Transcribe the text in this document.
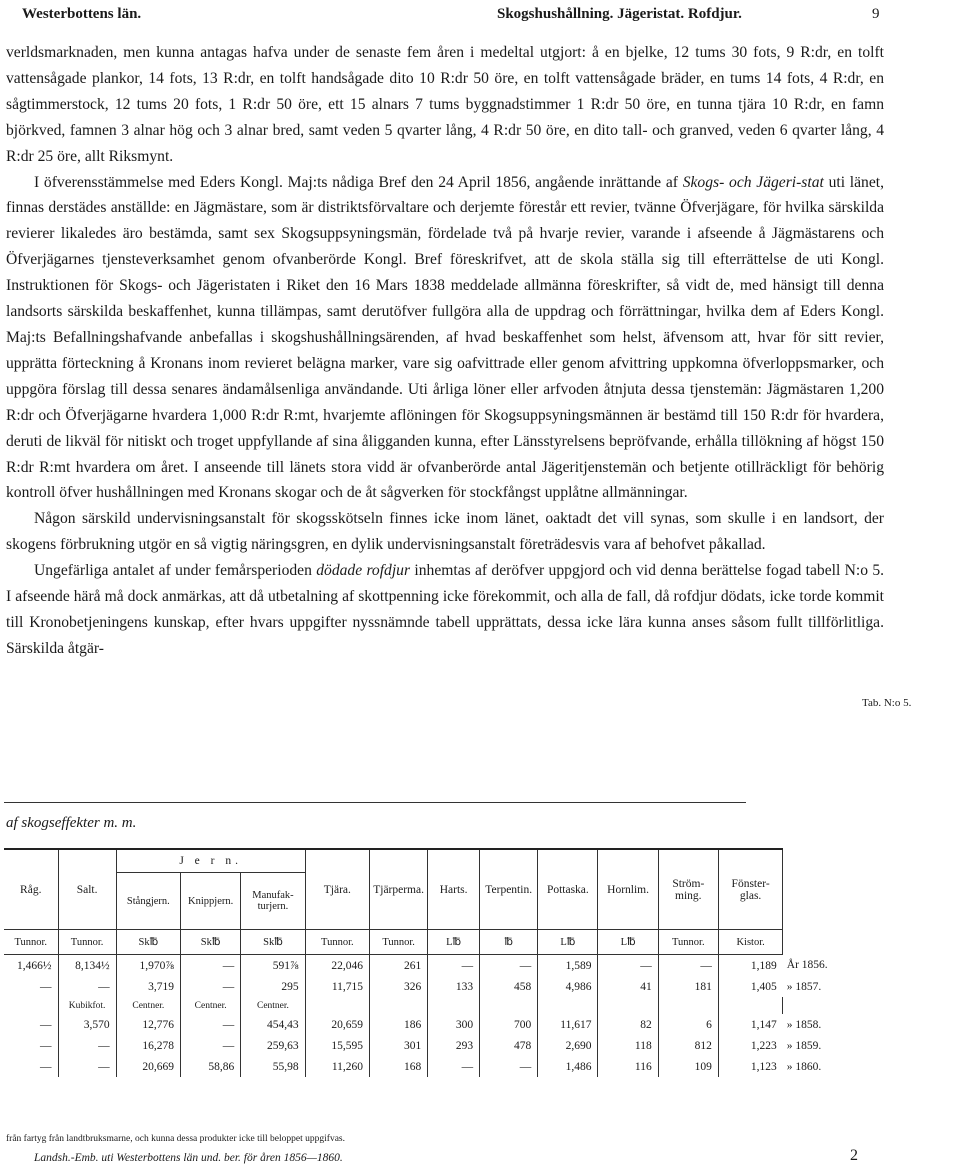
Westerbottens län.	Skogshushållning. Jägeristat. Rofdjur.	9

verldsmarknaden, men kunna antagas hafva under de senaste fem åren i medeltal utgjort: å en bjelke, 12 tums 30 fots, 9 R:dr, en tolft vattensågade plankor, 14 fots, 13 R:dr, en tolft handsågade dito 10 R:dr 50 öre, en tolft vattensågade bräder, en tums 14 fots, 4 R:dr, en sågtimmerstock, 12 tums 20 fots, 1 R:dr 50 öre, ett 15 alnars 7 tums byggnadstimmer 1 R:dr 50 öre, en tunna tjära 10 R:dr, en famn björkved, famnen 3 alnar hög och 3 alnar bred, samt veden 5 qvarter lång, 4 R:dr 50 öre, en dito tall- och granved, veden 6 qvarter lång, 4 R:dr 25 öre, allt Riksmynt.

I öfverensstämmelse med Eders Kongl. Maj:ts nådiga Bref den 24 April 1856, angående inrättande af Skogs- och Jägeri-stat uti länet, finnas derstädes anställde: en Jägmästare, som är distriktsförvaltare och derjemte förestår ett revier, tvänne Öfverjägare, för hvilka särskilda revierer likaledes äro bestämda, samt sex Skogsuppsyningsmän, fördelade två på hvarje revier, varande i afseende å Jägmästarens och Öfverjägarnes tjensteverksamhet genom ofvanberörde Kongl. Bref föreskrifvet, att de skola ställa sig till efterrättelse de uti Kongl. Instruktionen för Skogs- och Jägeristaten i Riket den 16 Mars 1838 meddelade allmänna föreskrifter, så vidt de, med hänsigt till denna landsorts särskilda beskaffenhet, kunna tillämpas, samt derutöfver fullgöra alla de uppdrag och förrättningar, hvilka dem af Eders Kongl. Maj:ts Befallningshafvande anbefallas i skogshushållningsärenden, af hvad beskaffenhet som helst, äfvensom att, hvar för sitt revier, upprätta förteckning å Kronans inom revieret belägna marker, vare sig oafvittrade eller genom afvittring uppkomna öfverloppsmarker, och uppgöra förslag till dessa senares ändamålsenliga användande. Uti årliga löner eller arfvoden åtnjuta dessa tjenstemän: Jägmästaren 1,200 R:dr och Öfverjägarne hvardera 1,000 R:dr R:mt, hvarjemte aflöningen för Skogsuppsyningsmännen är bestämd till 150 R:dr för hvardera, deruti de likväl för nitiskt och troget uppfyllande af sina åligganden kunna, efter Länsstyrelsens bepröfvande, erhålla tillökning af högst 150 R:dr R:mt hvardera om året. I anseende till länets stora vidd är ofvanberörde antal Jägeritjenstemän och betjente otillräckligt för behörig kontroll öfver hushållningen med Kronans skogar och de åt sågverken för stockfångst upplåtne allmänningar.

Någon särskild undervisningsanstalt för skogsskötseln finnes icke inom länet, oaktadt det vill synas, som skulle i en landsort, der skogens förbrukning utgör en så vigtig näringsgren, en dylik undervisningsanstalt företrädesvis vara af behofvet påkallad.

Ungefärliga antalet af under femårsperioden dödade rofdjur inhemtas af deröfver uppgjord och vid denna berättelse fogad tabell N:o 5. I afseende härå må dock anmärkas, att då utbetalning af skottpenning icke förekommit, och alla de fall, då rofdjur dödats, icke torde kommit till Kronobetjeningens kunskap, efter hvars uppgifter nyssnämnde tabell upprättats, dessa icke lära kunna anses såsom fullt tillförlitliga. Särskilda åtgär-

Tab. N:o 5.
af skogseffekter m. m.
Råg.	Salt.	J e r n.			Tjära.	Tjärperma.	Harts.	Terpentin.	Pottaska.	Hornlim.	Ström-ming.	Fönster-glas.	
		Stångjern.	Knippjern.	Manufak-turjern.									
Tunnor.	Tunnor.	Sk℔	Sk℔	Sk℔	Tunnor.	Tunnor.	L℔	℔	L℔	L℔	Tunnor.	Kistor.	
1,466½	8,134½	1,970⅞	—	591⅞	22,046	261	—	—	1,589	—	—	1,189	År 1856.
—	—	3,719	—	295	11,715	326	133	458	4,986	41	181	1,405	» 1857.
	Kubikfot.	Centner.	Centner.	Centner.									
—	3,570	12,776	—	454,43	20,659	186	300	700	11,617	82	6	1,147	» 1858.
—	—	16,278	—	259,63	15,595	301	293	478	2,690	118	812	1,223	» 1859.
—	—	20,669	58,86	55,98	11,260	168	—	—	1,486	116	109	1,123	» 1860.
från fartyg från landtbruksmarne, och kunna dessa produkter icke till beloppet uppgifvas.
Landsh.-Emb. uti Westerbottens län und. ber. för åren 1856—1860.	2
